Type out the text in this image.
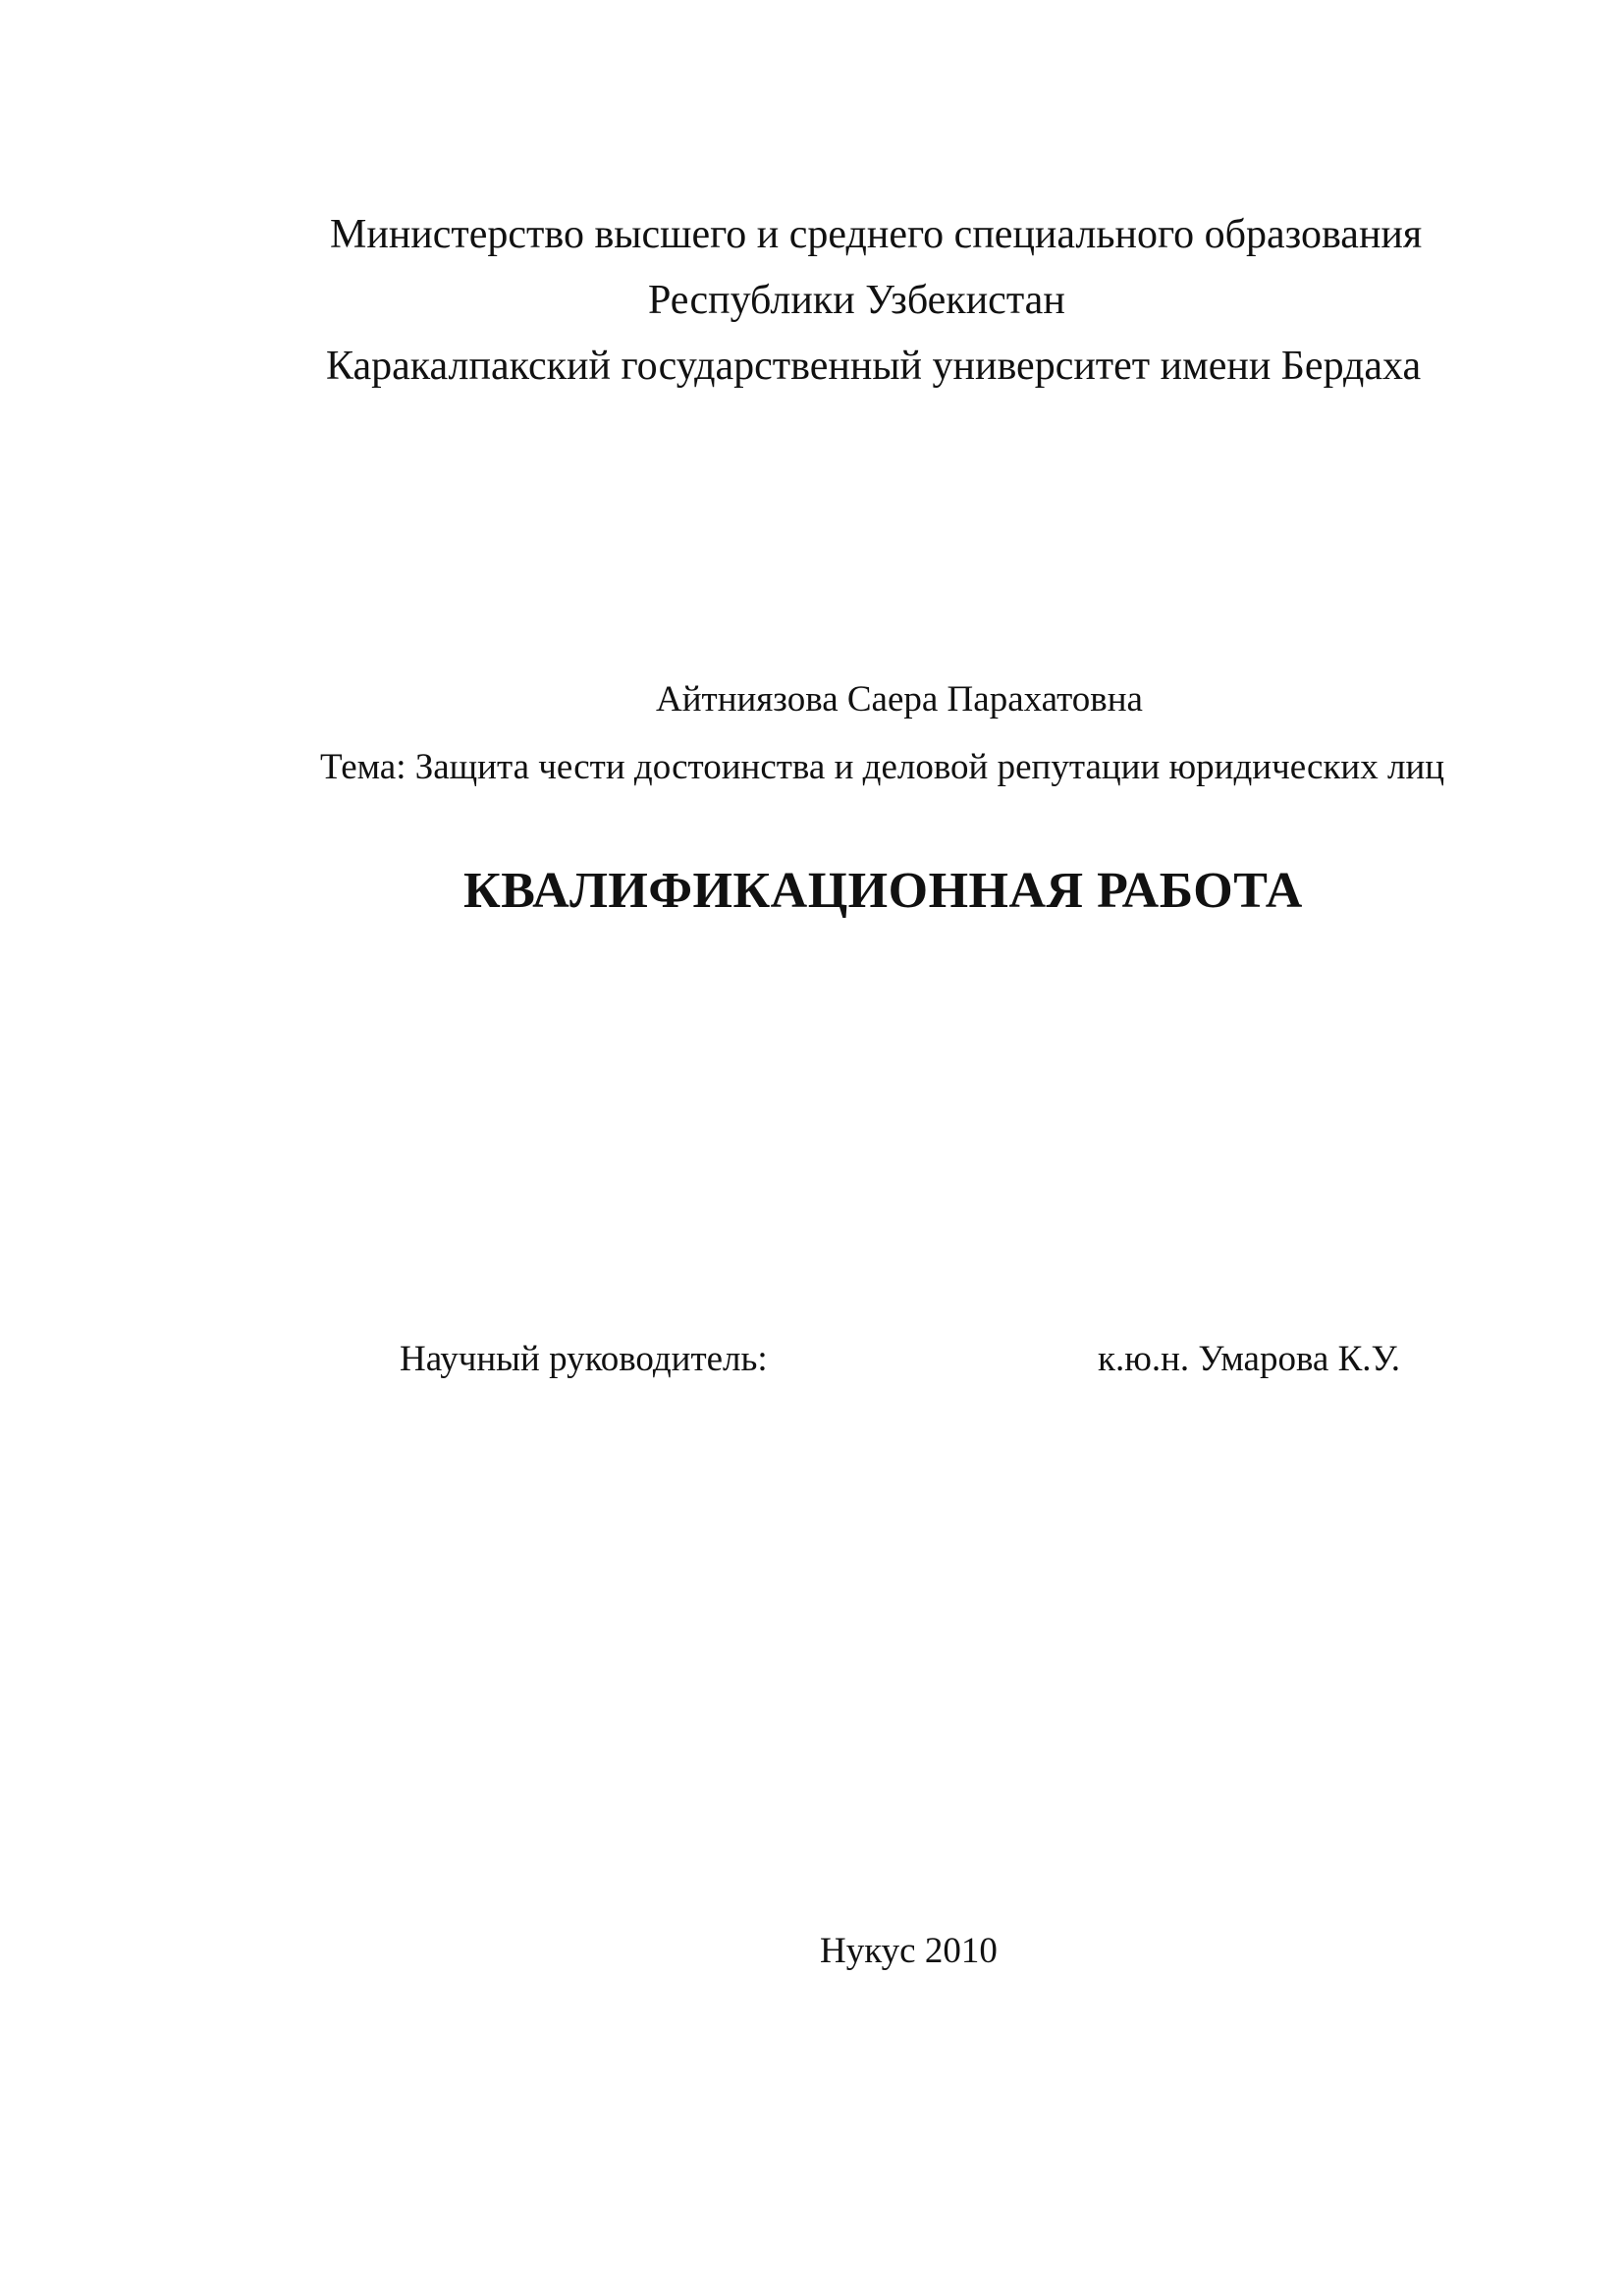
Министерство высшего и среднего специального образования
Республики Узбекистан
Каракалпакский государственный университет имени Бердаха
Айтниязова Саера Парахатовна
Тема: Защита чести достоинства и деловой репутации юридических лиц
КВАЛИФИКАЦИОННАЯ РАБОТА
Научный руководитель:	к.ю.н. Умарова К.У.
Нукус 2010
